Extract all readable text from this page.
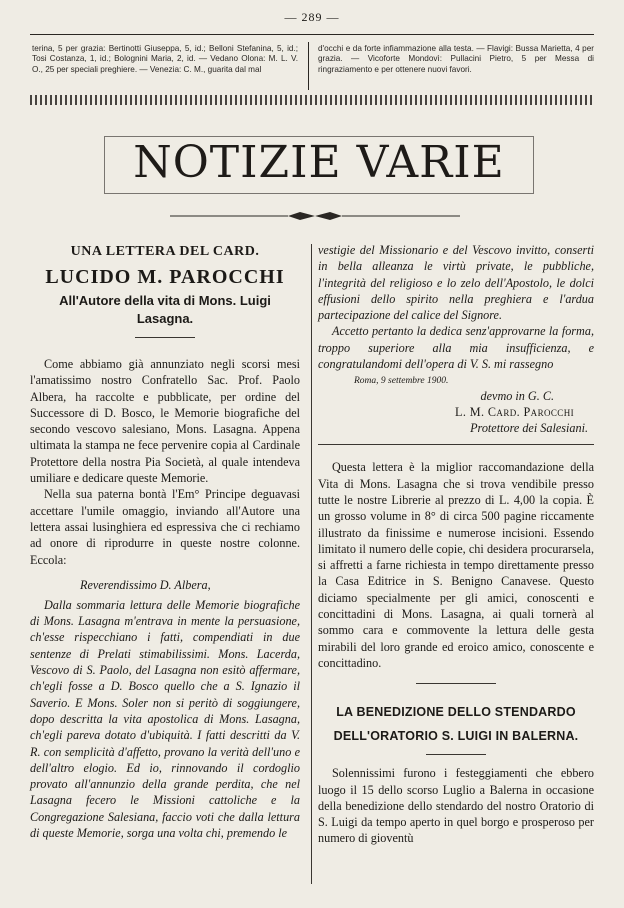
— 289 —

terina, 5 per grazia: Bertinotti Giuseppa, 5, id.; Belloni Stefanina, 5, id.; Tosi Costanza, 1, id.; Bolognini Maria, 2, id. — Vedano Olona: M. L. V. O., 25 per speciali preghiere. — Venezia: C. M., guarita dal mal

d'occhi e da forte infiammazione alla testa. — Flavigi: Bussa Marietta, 4 per grazia. — Vicoforte Mondovì: Pullacini Pietro, 5 per Messa di ringraziamento e per ottenere nuovi favori.

NOTIZIE VARIE
UNA LETTERA DEL CARD.
LUCIDO M. PAROCCHI
All'Autore della vita di Mons. Luigi Lasagna.

Come abbiamo già annunziato negli scorsi mesi l'amatissimo nostro Confratello Sac. Prof. Paolo Albera, ha raccolte e pubblicate, per ordine del Successore di D. Bosco, le Memorie biografiche del secondo vescovo salesiano, Mons. Lasagna. Appena ultimata la stampa ne fece pervenire copia al Cardinale Protettore della nostra Pia Società, al quale intendeva umiliare e dedicare queste Memorie.

Nella sua paterna bontà l'Em° Principe deguavasi accettare l'umile omaggio, inviando all'Autore una lettera assai lusinghiera ed espressiva che ci rechiamo ad onore di riprodurre in queste nostre colonne. Eccola:

Reverendissimo D. Albera,

Dalla sommaria lettura delle Memorie biografiche di Mons. Lasagna m'entrava in mente la persuasione, ch'esse rispecchiano i fatti, compendiati in due sentenze di Prelati stimabilissimi. Mons. Lacerda, Vescovo di S. Paolo, del Lasagna non esitò affermare, ch'egli fosse a D. Bosco quello che a S. Ignazio il Saverio. E Mons. Soler non si peritò di soggiungere, dopo descritta la vita apostolica di Mons. Lasagna, ch'egli pareva dotato d'ubiquità. I fatti descritti da V. R. con semplicità d'affetto, provano la verità dell'uno e dell'altro elogio. Ed io, rinnovando il cordoglio provato all'annunzio della grande perdita, che nel Lasagna fecero le Missioni cattoliche e la Congregazione Salesiana, faccio voti che dalla lettura di queste Memorie, sorga una volta chi, premendo le

vestigie del Missionario e del Vescovo invitto, conserti in bella alleanza le virtù private, le pubbliche, l'integrità del religioso e lo zelo dell'Apostolo, le dolci effusioni dello spirito nella preghiera e l'ardua partecipazione del calice del Signore.

Accetto pertanto la dedica senz'approvarne la forma, troppo superiore alla mia insufficienza, e congratulandomi dell'opera di V. S. mi rassegno

Roma, 9 settembre 1900.

devmo in G. C.

L. M. Card. Parocchi

Protettore dei Salesiani.

Questa lettera è la miglior raccomandazione della Vita di Mons. Lasagna che si trova vendibile presso tutte le nostre Librerie al prezzo di L. 4,00 la copia. È un grosso volume in 8° di circa 500 pagine riccamente illustrato da finissime e numerose incisioni. Essendo limitato il numero delle copie, chi desidera procurarsela, si affretti a farne richiesta in tempo direttamente presso la Casa Editrice in S. Benigno Canavese. Questo diciamo specialmente per gli amici, conoscenti e concittadini di Mons. Lasagna, ai quali tornerà al sommo cara e commovente la lettura delle gesta mirabili del loro grande ed eroico amico, conoscente e concittadino.

LA BENEDIZIONE DELLO STENDARDO

DELL'ORATORIO S. LUIGI IN BALERNA.

Solennissimi furono i festeggiamenti che ebbero luogo il 15 dello scorso Luglio a Balerna in occasione della benedizione dello stendardo del nostro Oratorio di S. Luigi da tempo aperto in quel borgo e prosperoso per numero di gioventù
